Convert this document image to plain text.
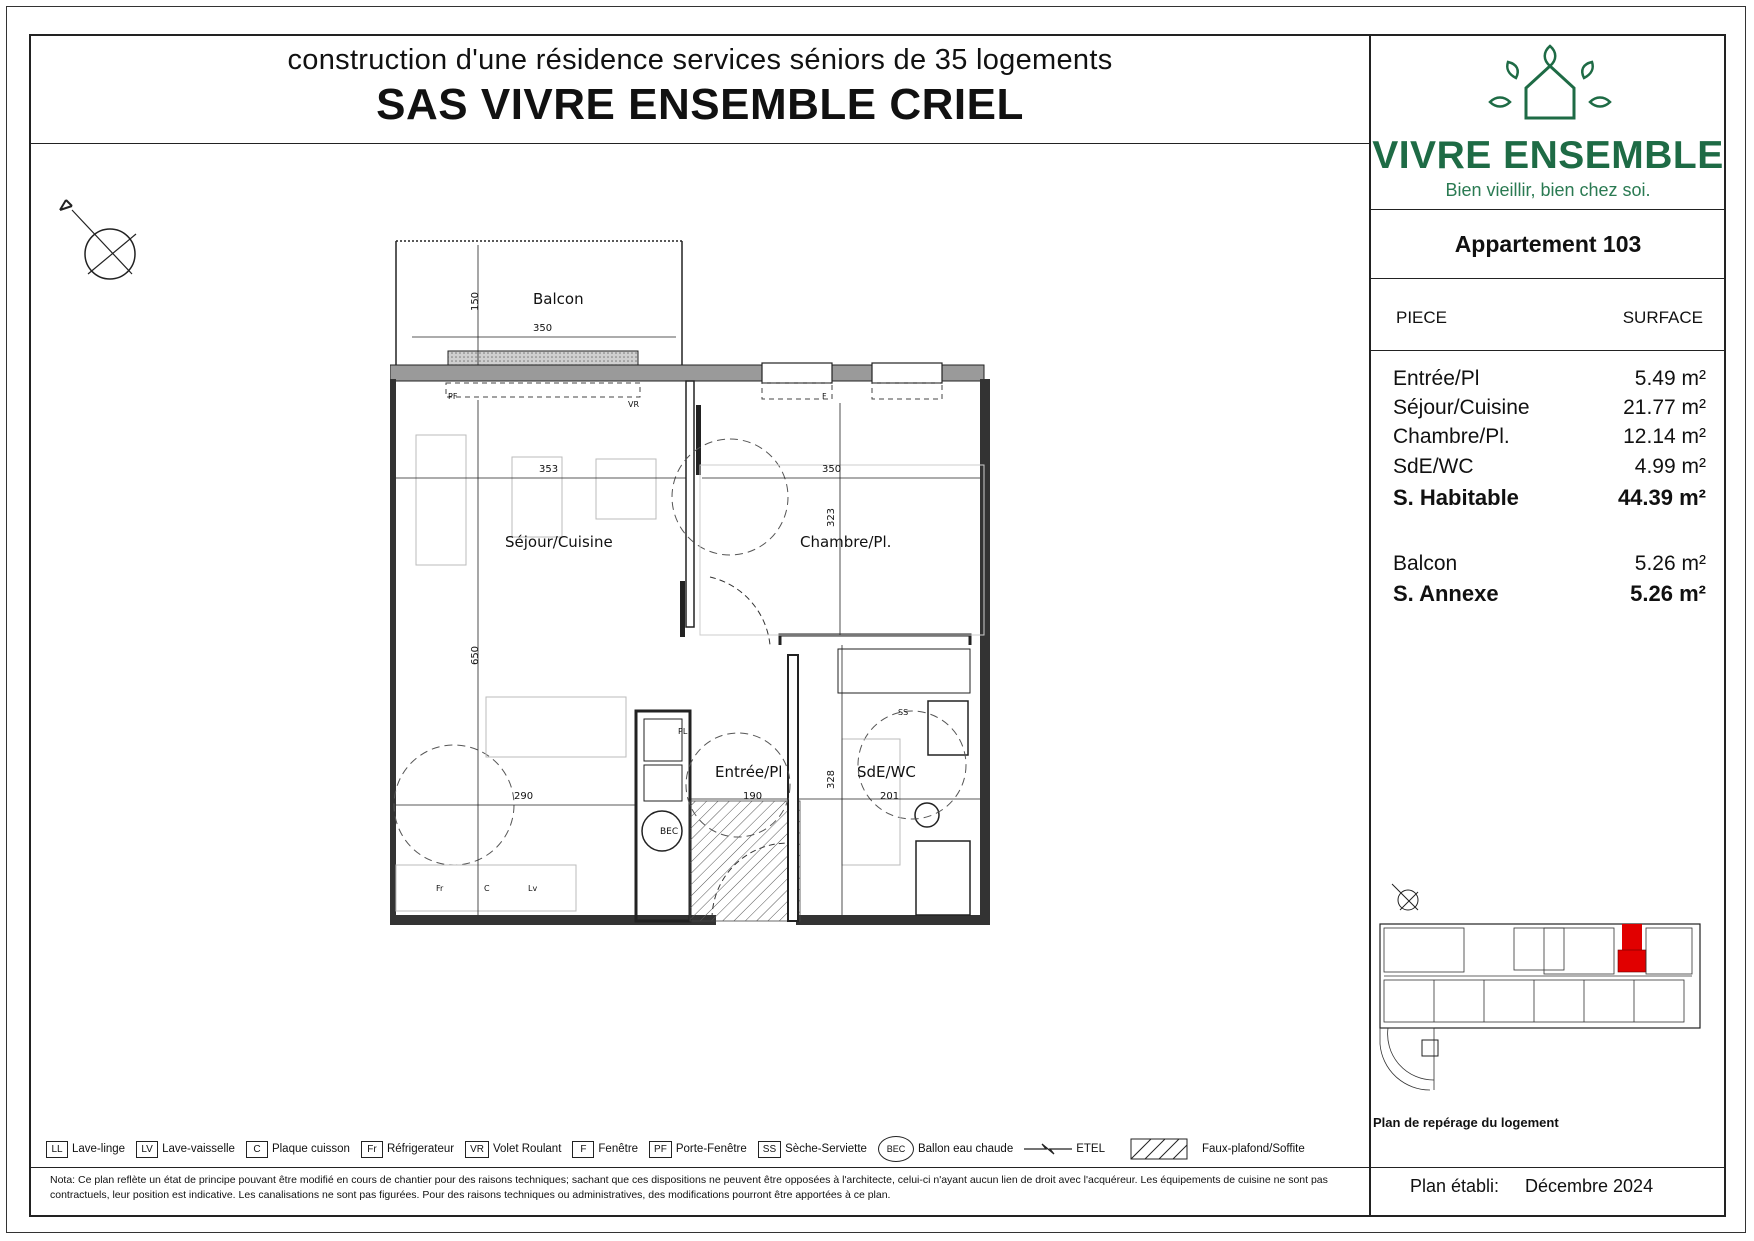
construction d'une résidence services séniors de 35 logements
SAS VIVRE ENSEMBLE CRIEL
VIVRE ENSEMBLE
Bien vieillir, bien chez soi.
Appartement 103
PIECE	SURFACE
Entrée/Pl	5.49 m²
Séjour/Cuisine	21.77 m²
Chambre/Pl.	12.14 m²
SdE/WC	4.99 m²
S. Habitable	44.39 m²
Balcon	5.26 m²
S. Annexe	5.26 m²
Balcon
Séjour/Cuisine	Chambre/Pl.
Entrée/Pl	SdE/WC
350
150
353	350
323
650
290	190
328
201
PF
VR
F
PL
SS
BEC
Fr	C	Lv
Plan de repérage du logement
LL Lave-linge	LV Lave-vaisselle	C Plaque cuisson	Fr Réfrigerateur	VR Volet Roulant	F	Fenêtre	PF Porte-Fenêtre	SS Sèche-Serviette	BEC	Ballon eau chaude	ETEL	Faux-plafond/Soffite
Nota: Ce plan reflète un état de principe pouvant être modifié en cours de chantier pour des raisons techniques; sachant que ces dispositions ne peuvent être opposées à l'architecte, celui-ci n'ayant aucun lien de droit avec l'acquéreur. Les équipements de cuisine ne sont pas contractuels, leur position est indicative. Les canalisations ne sont pas figurées. Pour des raisons techniques ou administratives, des modifications pourront être apportées à ce plan.	Plan établi: Décembre 2024
